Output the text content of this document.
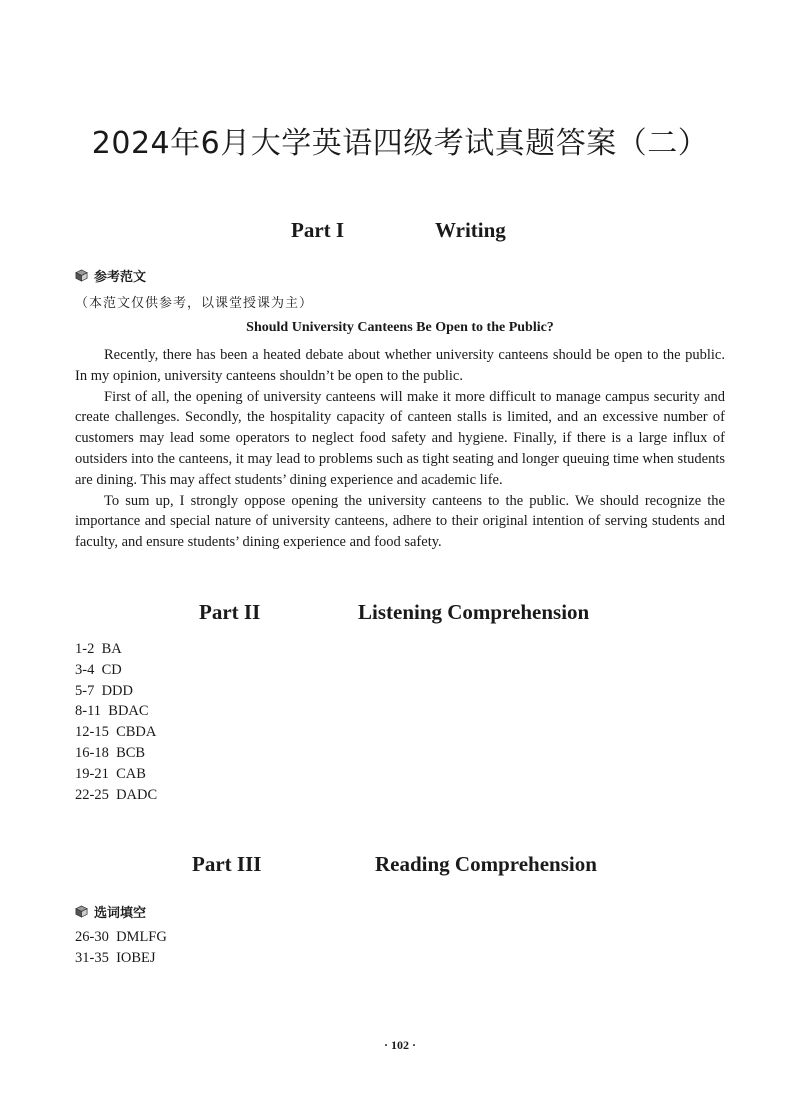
2024年6月大学英语四级考试真题答案（二）
Part I	Writing
参考范文
（本范文仅供参考，以课堂授课为主）
Should University Canteens Be Open to the Public?

Recently, there has been a heated debate about whether university canteens should be open to the public. In my opinion, university canteens shouldn’t be open to the public.

First of all, the opening of university canteens will make it more difficult to manage campus security and create challenges. Secondly, the hospitality capacity of canteen stalls is limited, and an excessive number of customers may lead some operators to neglect food safety and hygiene. Finally, if there is a large influx of outsiders into the canteens, it may lead to problems such as tight seating and longer queuing time when students are dining. This may affect students’ dining experience and academic life.

To sum up, I strongly oppose opening the university canteens to the public. We should recognize the importance and special nature of university canteens, adhere to their original intention of serving students and faculty, and ensure students’ dining experience and food safety.

Part II	Listening Comprehension
1-2  BA
3-4  CD
5-7  DDD
8-11  BDAC
12-15  CBDA
16-18  BCB
19-21  CAB
22-25  DADC
Part III	Reading Comprehension
选词填空
26-30  DMLFG
31-35  IOBEJ
· 102 ·
